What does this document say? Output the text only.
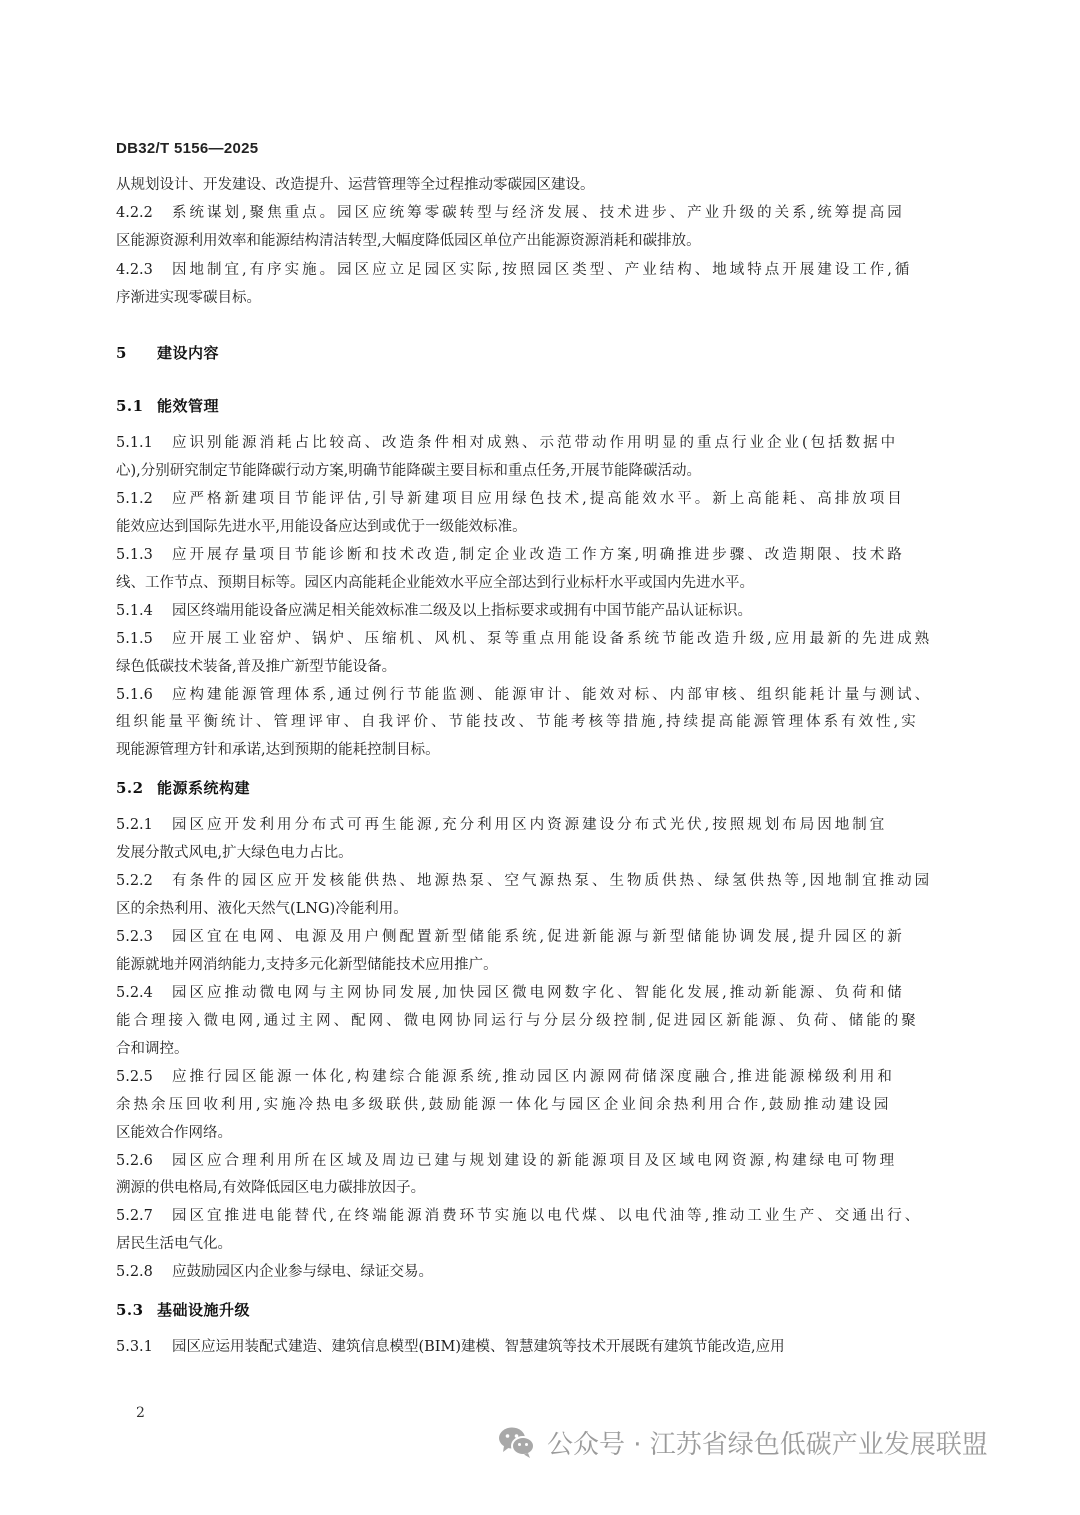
DB32/T 5156—2025
从规划设计、开发建设、改造提升、运营管理等全过程推动零碳园区建设。
4.2.2 系统谋划,聚焦重点。园区应统筹零碳转型与经济发展、技术进步、产业升级的关系,统筹提高园
区能源资源利用效率和能源结构清洁转型,大幅度降低园区单位产出能源资源消耗和碳排放。
4.2.3 因地制宜,有序实施。园区应立足园区实际,按照园区类型、产业结构、地域特点开展建设工作,循
序渐进实现零碳目标。
5 建设内容
5.1 能效管理
5.1.1 应识别能源消耗占比较高、改造条件相对成熟、示范带动作用明显的重点行业企业(包括数据中
心),分别研究制定节能降碳行动方案,明确节能降碳主要目标和重点任务,开展节能降碳活动。
5.1.2 应严格新建项目节能评估,引导新建项目应用绿色技术,提高能效水平。新上高能耗、高排放项目
能效应达到国际先进水平,用能设备应达到或优于一级能效标准。
5.1.3 应开展存量项目节能诊断和技术改造,制定企业改造工作方案,明确推进步骤、改造期限、技术路
线、工作节点、预期目标等。园区内高能耗企业能效水平应全部达到行业标杆水平或国内先进水平。
5.1.4 园区终端用能设备应满足相关能效标准二级及以上指标要求或拥有中国节能产品认证标识。
5.1.5 应开展工业窑炉、锅炉、压缩机、风机、泵等重点用能设备系统节能改造升级,应用最新的先进成熟
绿色低碳技术装备,普及推广新型节能设备。
5.1.6 应构建能源管理体系,通过例行节能监测、能源审计、能效对标、内部审核、组织能耗计量与测试、
组织能量平衡统计、管理评审、自我评价、节能技改、节能考核等措施,持续提高能源管理体系有效性,实
现能源管理方针和承诺,达到预期的能耗控制目标。
5.2 能源系统构建
5.2.1 园区应开发利用分布式可再生能源,充分利用区内资源建设分布式光伏,按照规划布局因地制宜
发展分散式风电,扩大绿色电力占比。
5.2.2 有条件的园区应开发核能供热、地源热泵、空气源热泵、生物质供热、绿氢供热等,因地制宜推动园
区的余热利用、液化天然气(LNG)冷能利用。
5.2.3 园区宜在电网、电源及用户侧配置新型储能系统,促进新能源与新型储能协调发展,提升园区的新
能源就地并网消纳能力,支持多元化新型储能技术应用推广。
5.2.4 园区应推动微电网与主网协同发展,加快园区微电网数字化、智能化发展,推动新能源、负荷和储
能合理接入微电网,通过主网、配网、微电网协同运行与分层分级控制,促进园区新能源、负荷、储能的聚
合和调控。
5.2.5 应推行园区能源一体化,构建综合能源系统,推动园区内源网荷储深度融合,推进能源梯级利用和
余热余压回收利用,实施冷热电多级联供,鼓励能源一体化与园区企业间余热利用合作,鼓励推动建设园
区能效合作网络。
5.2.6 园区应合理利用所在区域及周边已建与规划建设的新能源项目及区域电网资源,构建绿电可物理
溯源的供电格局,有效降低园区电力碳排放因子。
5.2.7 园区宜推进电能替代,在终端能源消费环节实施以电代煤、以电代油等,推动工业生产、交通出行、
居民生活电气化。
5.2.8 应鼓励园区内企业参与绿电、绿证交易。
5.3 基础设施升级
5.3.1 园区应运用装配式建造、建筑信息模型(BIM)建模、智慧建筑等技术开展既有建筑节能改造,应用
2
公众号 · 江苏省绿色低碳产业发展联盟
